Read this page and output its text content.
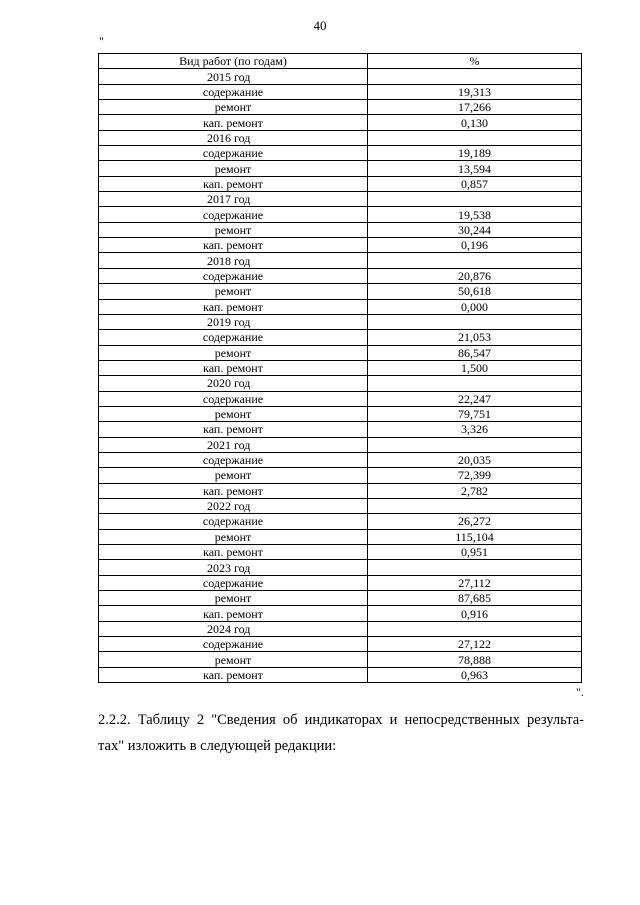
40
"
Вид работ (по годам)	%
2015 год	
содержание	19,313
ремонт	17,266
кап. ремонт	0,130
2016 год	
содержание	19,189
ремонт	13,594
кап. ремонт	0,857
2017 год	
содержание	19,538
ремонт	30,244
кап. ремонт	0,196
2018 год	
содержание	20,876
ремонт	50,618
кап. ремонт	0,000
2019 год	
содержание	21,053
ремонт	86,547
кап. ремонт	1,500
2020 год	
содержание	22,247
ремонт	79,751
кап. ремонт	3,326
2021 год	
содержание	20,035
ремонт	72,399
кап. ремонт	2,782
2022 год	
содержание	26,272
ремонт	115,104
кап. ремонт	0,951
2023 год	
содержание	27,112
ремонт	87,685
кап. ремонт	0,916
2024 год	
содержание	27,122
ремонт	78,888
кап. ремонт	0,963
".
2.2.2. Таблицу 2 "Сведения об индикаторах и непосредственных результа-
тах" изложить в следующей редакции:
